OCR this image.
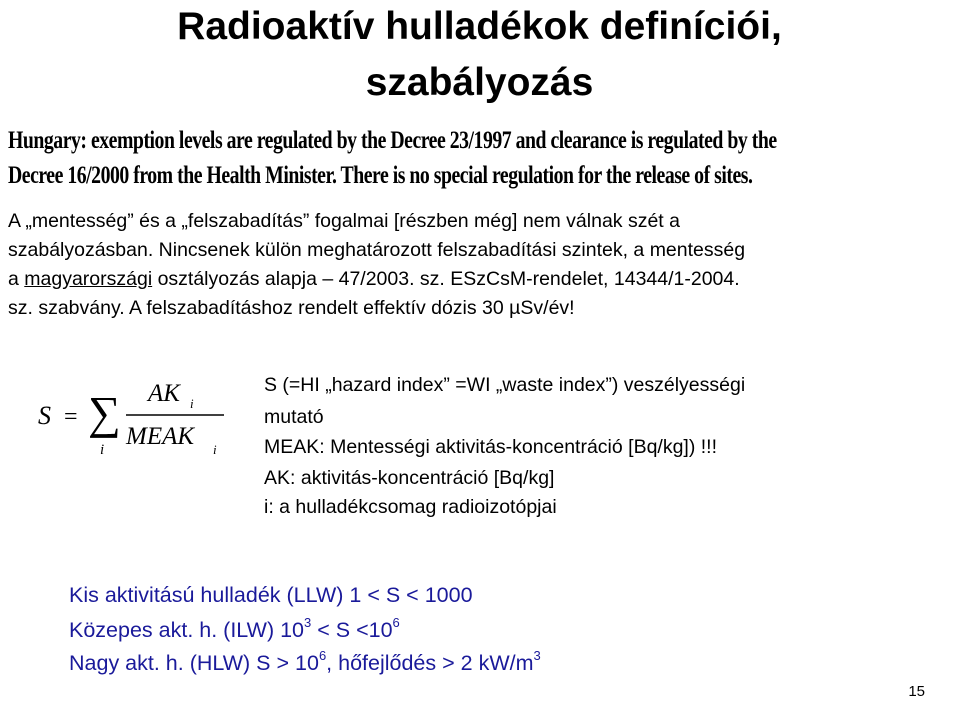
Radioaktív hulladékok definíciói,
szabályozás
Hungary: exemption levels are regulated by the Decree 23/1997 and clearance is regulated by the
Decree 16/2000 from the Health Minister. There is no special regulation for the release of sites.

A „mentesség” és a „felszabadítás” fogalmai [részben még] nem válnak szét a

szabályozásban. Nincsenek külön meghatározott felszabadítási szintek, a mentesség

a magyarországi osztályozás alapja – 47/2003. sz. ESzCsM-rendelet, 14344/1-2004.

sz. szabvány. A felszabadításhoz rendelt effektív dózis 30 µSv/év!

S = ∑
i
AK i
MEAK i
S (=HI „hazard index” =WI „waste index”) veszélyességi
mutató
MEAK: Mentességi aktivitás-koncentráció [Bq/kg]) !!!
AK: aktivitás-koncentráció [Bq/kg]
i: a hulladékcsomag radioizotópjai
Kis aktivitású hulladék (LLW) 1 < S < 1000
Közepes akt. h. (ILW) $10^3 < S <10^6$
Nagy akt. h. (HLW) $S > 10^6$, hőfejlődés > 2 $kW/m^3$
15
